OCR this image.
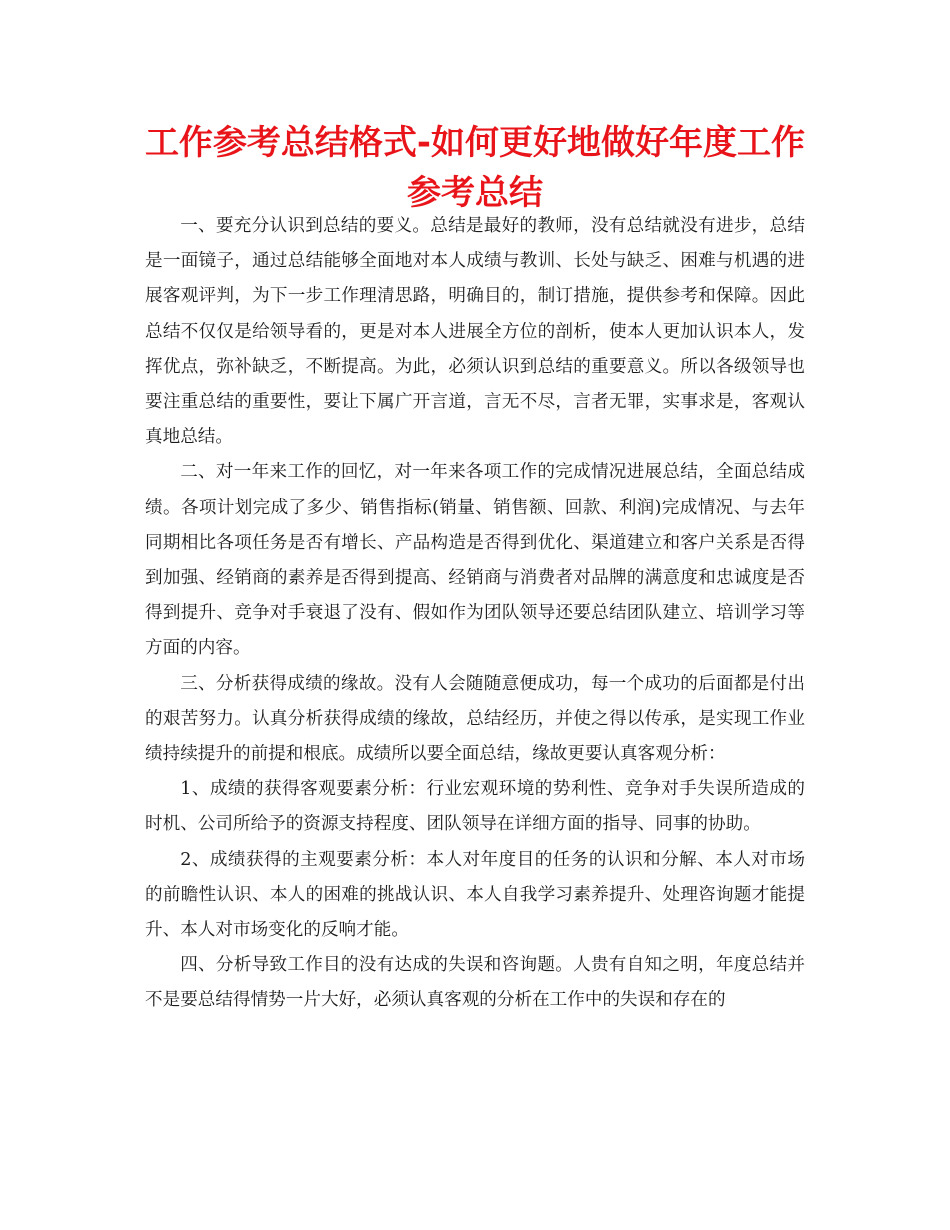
工作参考总结格式-如何更好地做好年度工作参考总结

一、要充分认识到总结的要义。总结是最好的教师，没有总结就没有进步，总结是一面镜子，通过总结能够全面地对本人成绩与教训、长处与缺乏、困难与机遇的进展客观评判，为下一步工作理清思路，明确目的，制订措施，提供参考和保障。因此总结不仅仅是给领导看的，更是对本人进展全方位的剖析，使本人更加认识本人，发挥优点，弥补缺乏，不断提高。为此，必须认识到总结的重要意义。所以各级领导也要注重总结的重要性，要让下属广开言道，言无不尽，言者无罪，实事求是，客观认真地总结。

二、对一年来工作的回忆，对一年来各项工作的完成情况进展总结，全面总结成绩。各项计划完成了多少、销售指标(销量、销售额、回款、利润)完成情况、与去年同期相比各项任务是否有增长、产品构造是否得到优化、渠道建立和客户关系是否得到加强、经销商的素养是否得到提高、经销商与消费者对品牌的满意度和忠诚度是否得到提升、竞争对手衰退了没有、假如作为团队领导还要总结团队建立、培训学习等方面的内容。

三、分析获得成绩的缘故。没有人会随随意便成功，每一个成功的后面都是付出的艰苦努力。认真分析获得成绩的缘故，总结经历，并使之得以传承，是实现工作业绩持续提升的前提和根底。成绩所以要全面总结，缘故更要认真客观分析：

1、成绩的获得客观要素分析：行业宏观环境的势利性、竞争对手失误所造成的时机、公司所给予的资源支持程度、团队领导在详细方面的指导、同事的协助。

2、成绩获得的主观要素分析：本人对年度目的任务的认识和分解、本人对市场的前瞻性认识、本人的困难的挑战认识、本人自我学习素养提升、处理咨询题才能提升、本人对市场变化的反响才能。

四、分析导致工作目的没有达成的失误和咨询题。人贵有自知之明，年度总结并不是要总结得情势一片大好，必须认真客观的分析在工作中的失误和存在的
